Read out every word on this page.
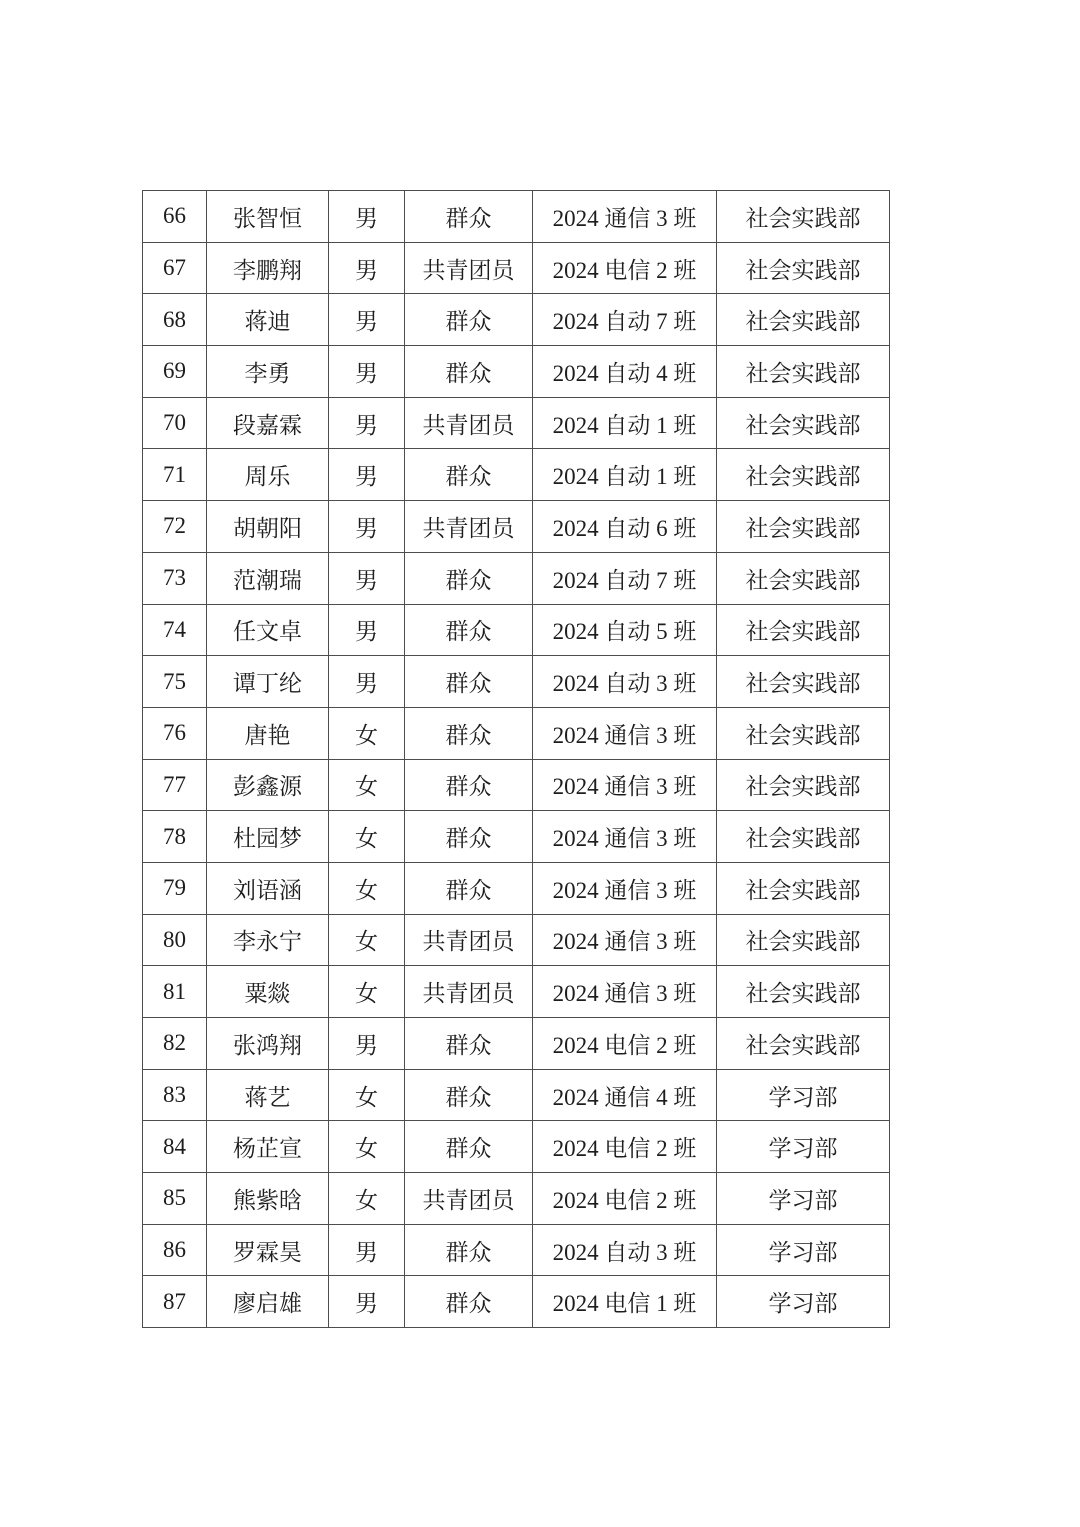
66	张智恒	男	群众	2024 通信 3 班	社会实践部
67	李鹏翔	男	共青团员	2024 电信 2 班	社会实践部
68	蒋迪	男	群众	2024 自动 7 班	社会实践部
69	李勇	男	群众	2024 自动 4 班	社会实践部
70	段嘉霖	男	共青团员	2024 自动 1 班	社会实践部
71	周乐	男	群众	2024 自动 1 班	社会实践部
72	胡朝阳	男	共青团员	2024 自动 6 班	社会实践部
73	范潮瑞	男	群众	2024 自动 7 班	社会实践部
74	任文卓	男	群众	2024 自动 5 班	社会实践部
75	谭丁纶	男	群众	2024 自动 3 班	社会实践部
76	唐艳	女	群众	2024 通信 3 班	社会实践部
77	彭鑫源	女	群众	2024 通信 3 班	社会实践部
78	杜园梦	女	群众	2024 通信 3 班	社会实践部
79	刘语涵	女	群众	2024 通信 3 班	社会实践部
80	李永宁	女	共青团员	2024 通信 3 班	社会实践部
81	粟燚	女	共青团员	2024 通信 3 班	社会实践部
82	张鸿翔	男	群众	2024 电信 2 班	社会实践部
83	蒋艺	女	群众	2024 通信 4 班	学习部
84	杨芷宣	女	群众	2024 电信 2 班	学习部
85	熊紫晗	女	共青团员	2024 电信 2 班	学习部
86	罗霖昊	男	群众	2024 自动 3 班	学习部
87	廖启雄	男	群众	2024 电信 1 班	学习部
